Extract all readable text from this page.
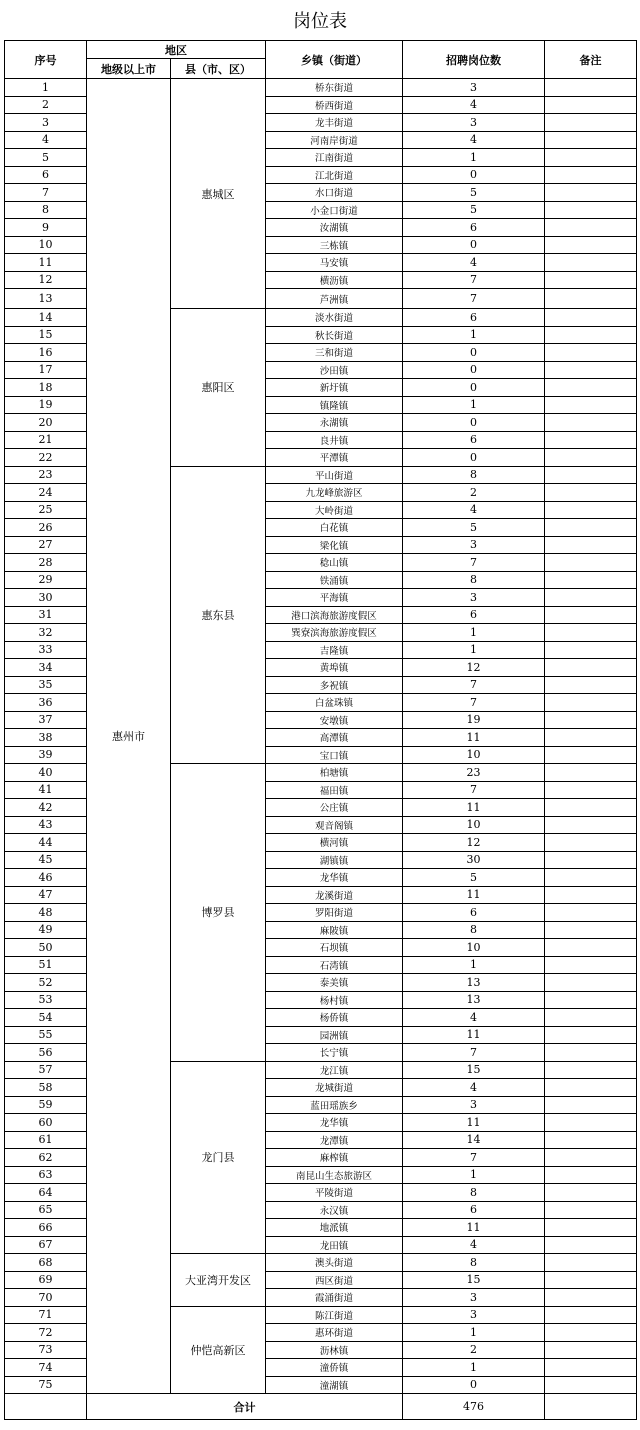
岗位表
序号	地区		乡镇（街道）	招聘岗位数	备注
	地级以上市	县（市、区）			
1	惠州市	惠城区	桥东街道	3	
2			桥西街道	4	
3			龙丰街道	3	
4			河南岸街道	4	
5			江南街道	1	
6			江北街道	0	
7			水口街道	5	
8			小金口街道	5	
9			汝湖镇	6	
10			三栋镇	0	
11			马安镇	4	
12			横沥镇	7	
13			芦洲镇	7	
14		惠阳区	淡水街道	6	
15			秋长街道	1	
16			三和街道	0	
17			沙田镇	0	
18			新圩镇	0	
19			镇隆镇	1	
20			永湖镇	0	
21			良井镇	6	
22			平潭镇	0	
23		惠东县	平山街道	8	
24			九龙峰旅游区	2	
25			大岭街道	4	
26			白花镇	5	
27			梁化镇	3	
28			稔山镇	7	
29			铁涌镇	8	
30			平海镇	3	
31			港口滨海旅游度假区	6	
32			巽寮滨海旅游度假区	1	
33			吉隆镇	1	
34			黄埠镇	12	
35			多祝镇	7	
36			白盆珠镇	7	
37			安墩镇	19	
38			高潭镇	11	
39			宝口镇	10	
40		博罗县	柏塘镇	23	
41			福田镇	7	
42			公庄镇	11	
43			观音阁镇	10	
44			横河镇	12	
45			湖镇镇	30	
46			龙华镇	5	
47			龙溪街道	11	
48			罗阳街道	6	
49			麻陂镇	8	
50			石坝镇	10	
51			石湾镇	1	
52			泰美镇	13	
53			杨村镇	13	
54			杨侨镇	4	
55			园洲镇	11	
56			长宁镇	7	
57		龙门县	龙江镇	15	
58			龙城街道	4	
59			蓝田瑶族乡	3	
60			龙华镇	11	
61			龙潭镇	14	
62			麻榨镇	7	
63			南昆山生态旅游区	1	
64			平陵街道	8	
65			永汉镇	6	
66			地派镇	11	
67			龙田镇	4	
68		大亚湾开发区	澳头街道	8	
69			西区街道	15	
70			霞涌街道	3	
71		仲恺高新区	陈江街道	3	
72			惠环街道	1	
73			沥林镇	2	
74			潼侨镇	1	
75			潼湖镇	0	
	合计			476	
